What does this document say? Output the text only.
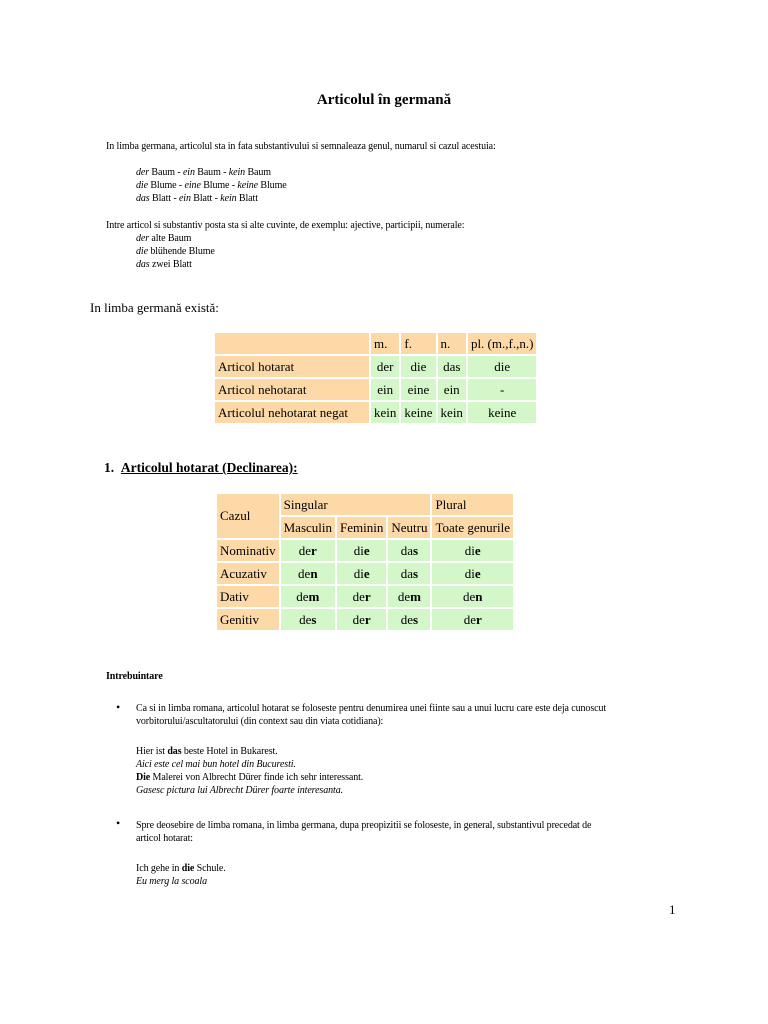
Articolul în germană
In limba germana, articolul sta in fata substantivului si semnaleaza genul, numarul si cazul acestuia:
der Baum - ein Baum - kein Baum
die Blume - eine Blume - keine Blume
das Blatt - ein Blatt - kein Blatt
Intre articol si substantiv posta sta si alte cuvinte, de exemplu: ajective, participii, numerale:
der alte Baum
die blühende Blume
das zwei Blatt
In limba germană există:
	m.	f.	n.	pl. (m.,f.,n.)
Articol hotarat	der	die	das	die
Articol nehotarat	ein	eine	ein	-
Articolul nehotarat negat	kein	keine	kein	keine
1. Articolul hotarat (Declinarea):
Cazul	Singular			Plural
	Masculin	Feminin	Neutru	Toate genurile
Nominativ	der	die	das	die
Acuzativ	den	die	das	die
Dativ	dem	der	dem	den
Genitiv	des	der	des	der
Intrebuintare
• Ca si in limba romana, articolul hotarat se foloseste pentru denumirea unei fiinte sau a unui lucru care este deja cunoscut
vorbitorului/ascultatorului (din context sau din viata cotidiana):
Hier ist das beste Hotel in Bukarest.
Aici este cel mai bun hotel din Bucuresti.
Die Malerei von Albrecht Dürer finde ich sehr interessant.
Gasesc pictura lui Albrecht Dürer foarte interesanta.
• Spre deosebire de limba romana, in limba germana, dupa preopizitii se foloseste, in general, substantivul precedat de
articol hotarat:
Ich gehe in die Schule.
Eu merg la scoala
1
